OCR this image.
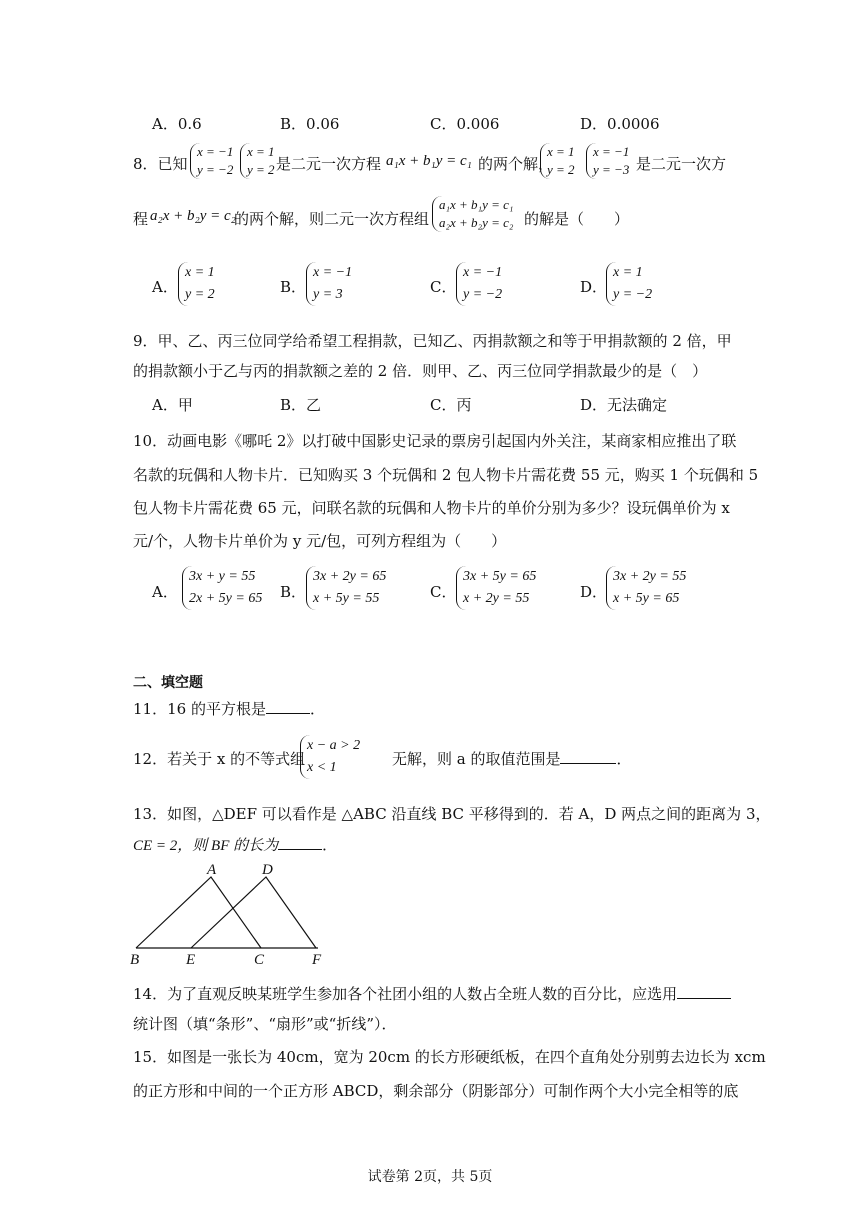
A．0.6	B．0.06	C．0.006	D．0.0006
8．已知
x = −1
y = −2
x = 1
y = 2 是二元一次方程 a₁x + b₁y = c₁ 的两个解，
x = 1
y = 2
x = −1
y = −3 是二元一次方
程 a₂x + b₂y = c₂
的两个解，则二元一次方程组
a₁x + b₁y = c₁
a₂x + b₂y = c₂ 的解是（　　）
A．
x = 1
y = 2	B．
x = −1
y = 3	C．
x = −1
y = −2	D．
x = 1
y = −2
9．甲、乙、丙三位同学给希望工程捐款，已知乙、丙捐款额之和等于甲捐款额的 2 倍，甲
的捐款额小于乙与丙的捐款额之差的 2 倍．则甲、乙、丙三位同学捐款最少的是（　）
A．甲	B．乙	C．丙	D．无法确定
10．动画电影《哪吒 2》以打破中国影史记录的票房引起国内外关注，某商家相应推出了联
名款的玩偶和人物卡片．已知购买 3 个玩偶和 2 包人物卡片需花费 55 元，购买 1 个玩偶和 5
包人物卡片需花费 65 元，问联名款的玩偶和人物卡片的单价分别为多少？设玩偶单价为 x
元/个，人物卡片单价为 y 元/包，可列方程组为（　　）
A．
3x + y = 55
2x + 5y = 65 B．
3x + 2y = 65
x + 5y = 55	C．
3x + 5y = 65
x + 2y = 55	D．
3x + 2y = 55
x + 5y = 65
二、填空题
11．16 的平方根是	．
12．若关于 x 的不等式组
x − a > 2
x < 1	无解，则 a 的取值范围是	．
13．如图，△DEF 可以看作是 △ABC 沿直线 BC 平移得到的．若 A，D 两点之间的距离为 3，
CE = 2，则 BF 的长为	．
A	D
B	E	C	F
14．为了直观反映某班学生参加各个社团小组的人数占全班人数的百分比，应选用
统计图（填“条形”、“扇形”或“折线”）．
15．如图是一张长为 40cm，宽为 20cm 的长方形硬纸板，在四个直角处分别剪去边长为 xcm
的正方形和中间的一个正方形 ABCD，剩余部分（阴影部分）可制作两个大小完全相等的底
试卷第 2页，共 5页
